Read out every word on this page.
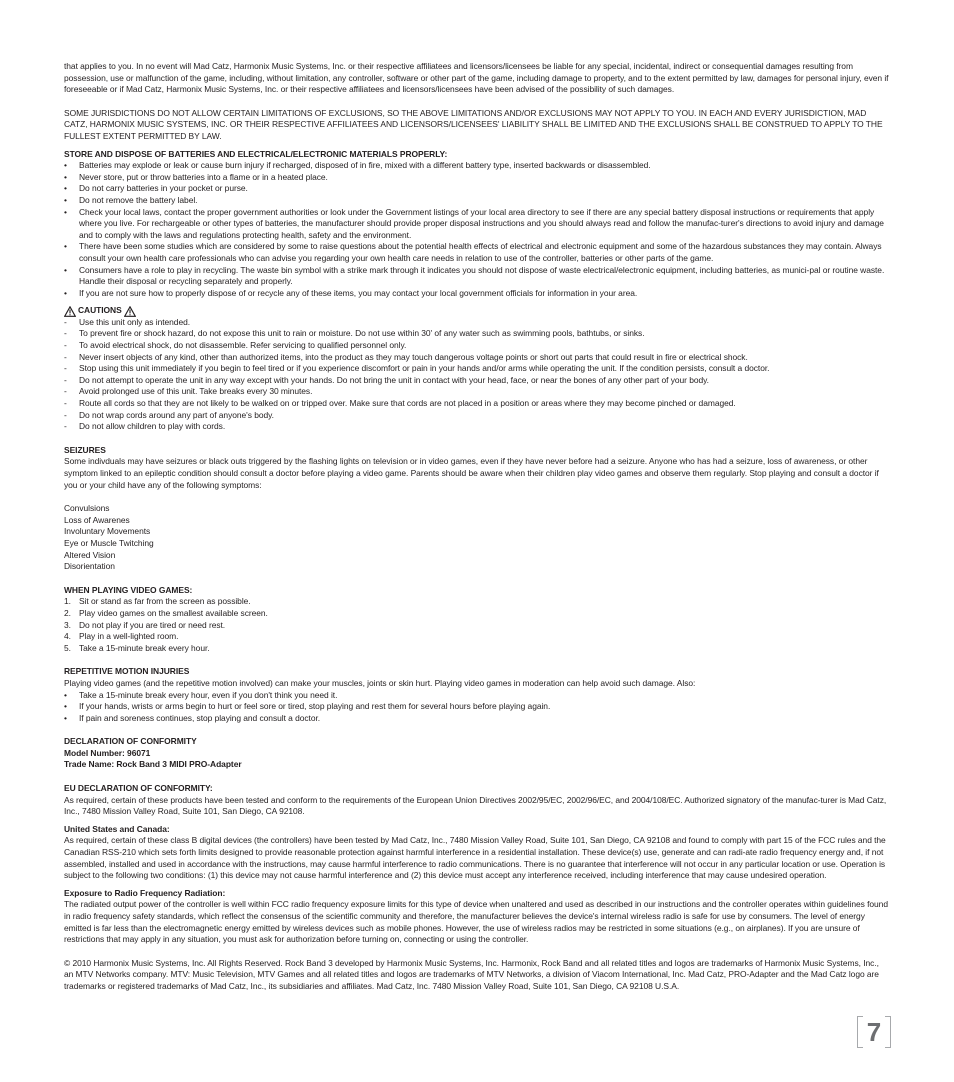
that applies to you. In no event will Mad Catz, Harmonix Music Systems, Inc. or their respective affiliatees and licensors/licensees be liable for any special, incidental, indirect or consequential damages resulting from possession, use or malfunction of the game, including, without limitation, any controller, software or other part of the game, including damage to property, and to the extent permitted by law, damages for personal injury, even if foreseeable or if Mad Catz, Harmonix Music Systems, Inc. or their respective affiliatees and licensors/licensees have been advised of the possibility of such damages.

SOME JURISDICTIONS DO NOT ALLOW CERTAIN LIMITATIONS OF EXCLUSIONS, SO THE ABOVE LIMITATIONS AND/OR EXCLUSIONS MAY NOT APPLY TO YOU. IN EACH AND EVERY JURISDICTION, MAD CATZ, HARMONIX MUSIC SYSTEMS, INC. OR THEIR RESPECTIVE AFFILIATEES AND LICENSORS/LICENSEES' LIABILITY SHALL BE LIMITED AND THE EXCLUSIONS SHALL BE CONSTRUED TO APPLY TO THE FULLEST EXTENT PERMITTED BY LAW.

STORE AND DISPOSE OF BATTERIES AND ELECTRICAL/ELECTRONIC MATERIALS PROPERLY:

• Batteries may explode or leak or cause burn injury if recharged, disposed of in fire, mixed with a different battery type, inserted backwards or disassembled.
• Never store, put or throw batteries into a flame or in a heated place.
• Do not carry batteries in your pocket or purse.
• Do not remove the battery label.
• Check your local laws, contact the proper government authorities or look under the Government listings of your local area directory to see if there are any special battery disposal instructions or requirements that apply where you live. For rechargeable or other types of batteries, the manufacturer should provide proper disposal instructions and you should always read and follow the manufac-turer's directions to avoid injury and damage and to comply with the laws and regulations protecting health, safety and the environment.
• There have been some studies which are considered by some to raise questions about the potential health effects of electrical and electronic equipment and some of the hazardous substances they may contain. Always consult your own health care professionals who can advise you regarding your own health care needs in relation to use of the controller, batteries or other parts of the game.
• Consumers have a role to play in recycling. The waste bin symbol with a strike mark through it indicates you should not dispose of waste electrical/electronic equipment, including batteries, as munici-pal or routine waste. Handle their disposal or recycling separately and properly.
• If you are not sure how to properly dispose of or recycle any of these items, you may contact your local government officials for information in your area.
CAUTIONS
- Use this unit only as intended.
- To prevent fire or shock hazard, do not expose this unit to rain or moisture. Do not use within 30' of any water such as swimming pools, bathtubs, or sinks.
- To avoid electrical shock, do not disassemble. Refer servicing to qualified personnel only.
- Never insert objects of any kind, other than authorized items, into the product as they may touch dangerous voltage points or short out parts that could result in fire or electrical shock.
- Stop using this unit immediately if you begin to feel tired or if you experience discomfort or pain in your hands and/or arms while operating the unit. If the condition persists, consult a doctor.
- Do not attempt to operate the unit in any way except with your hands. Do not bring the unit in contact with your head, face, or near the bones of any other part of your body.
- Avoid prolonged use of this unit. Take breaks every 30 minutes.
- Route all cords so that they are not likely to be walked on or tripped over. Make sure that cords are not placed in a position or areas where they may become pinched or damaged.
- Do not wrap cords around any part of anyone's body.
- Do not allow children to play with cords.

SEIZURES

Some indivduals may have seizures or black outs triggered by the flashing lights on television or in video games, even if they have never before had a seizure. Anyone who has had a seizure, loss of awareness, or other symptom linked to an epileptic condition should consult a doctor before playing a video game. Parents should be aware when their children play video games and observe them regularly. Stop playing and consult a doctor if you or your child have any of the following symptoms:

Convulsions
Loss of Awarenes
Involuntary Movements
Eye or Muscle Twitching
Altered Vision
Disorientation

WHEN PLAYING VIDEO GAMES:

1. Sit or stand as far from the screen as possible.
2. Play video games on the smallest available screen.
3. Do not play if you are tired or need rest.
4. Play in a well-lighted room.
5. Take a 15-minute break every hour.

REPETITIVE MOTION INJURIES

Playing video games (and the repetitive motion involved) can make your muscles, joints or skin hurt. Playing video games in moderation can help avoid such damage. Also:

• Take a 15-minute break every hour, even if you don't think you need it.
• If your hands, wrists or arms begin to hurt or feel sore or tired, stop playing and rest them for several hours before playing again.
• If pain and soreness continues, stop playing and consult a doctor.

DECLARATION OF CONFORMITY

Model Number: 96071

Trade Name: Rock Band 3 MIDI PRO-Adapter

EU DECLARATION OF CONFORMITY:

As required, certain of these products have been tested and conform to the requirements of the European Union Directives 2002/95/EC, 2002/96/EC, and 2004/108/EC. Authorized signatory of the manufac-turer is Mad Catz, Inc., 7480 Mission Valley Road, Suite 101, San Diego, CA 92108.

United States and Canada:

As required, certain of these class B digital devices (the controllers) have been tested by Mad Catz, Inc., 7480 Mission Valley Road, Suite 101, San Diego, CA 92108 and found to comply with part 15 of the FCC rules and the Canadian RSS-210 which sets forth limits designed to provide reasonable protection against harmful interference in a residential installation. These device(s) use, generate and can radi-ate radio frequency energy and, if not assembled, installed and used in accordance with the instructions, may cause harmful interference to radio communications. There is no guarantee that interference will not occur in any particular location or use. Operation is subject to the following two conditions: (1) this device may not cause harmful interference and (2) this device must accept any interference received, including interference that may cause undesired operation.

Exposure to Radio Frequency Radiation:

The radiated output power of the controller is well within FCC radio frequency exposure limits for this type of device when unaltered and used as described in our instructions and the controller operates within guidelines found in radio frequency safety standards, which reflect the consensus of the scientific community and therefore, the manufacturer believes the device's internal wireless radio is safe for use by consumers. The level of energy emitted is far less than the electromagnetic energy emitted by wireless devices such as mobile phones. However, the use of wireless radios may be restricted in some situations (e.g., on airplanes). If you are unsure of restrictions that may apply in any situation, you must ask for authorization before turning on, connecting or using the controller.

© 2010 Harmonix Music Systems, Inc. All Rights Reserved. Rock Band 3 developed by Harmonix Music Systems, Inc. Harmonix, Rock Band and all related titles and logos are trademarks of Harmonix Music Systems, Inc., an MTV Networks company. MTV: Music Television, MTV Games and all related titles and logos are trademarks of MTV Networks, a division of Viacom International, Inc. Mad Catz, PRO-Adapter and the Mad Catz logo are trademarks or registered trademarks of Mad Catz, Inc., its subsidiaries and affiliates. Mad Catz, Inc. 7480 Mission Valley Road, Suite 101, San Diego, CA 92108 U.S.A.

7
